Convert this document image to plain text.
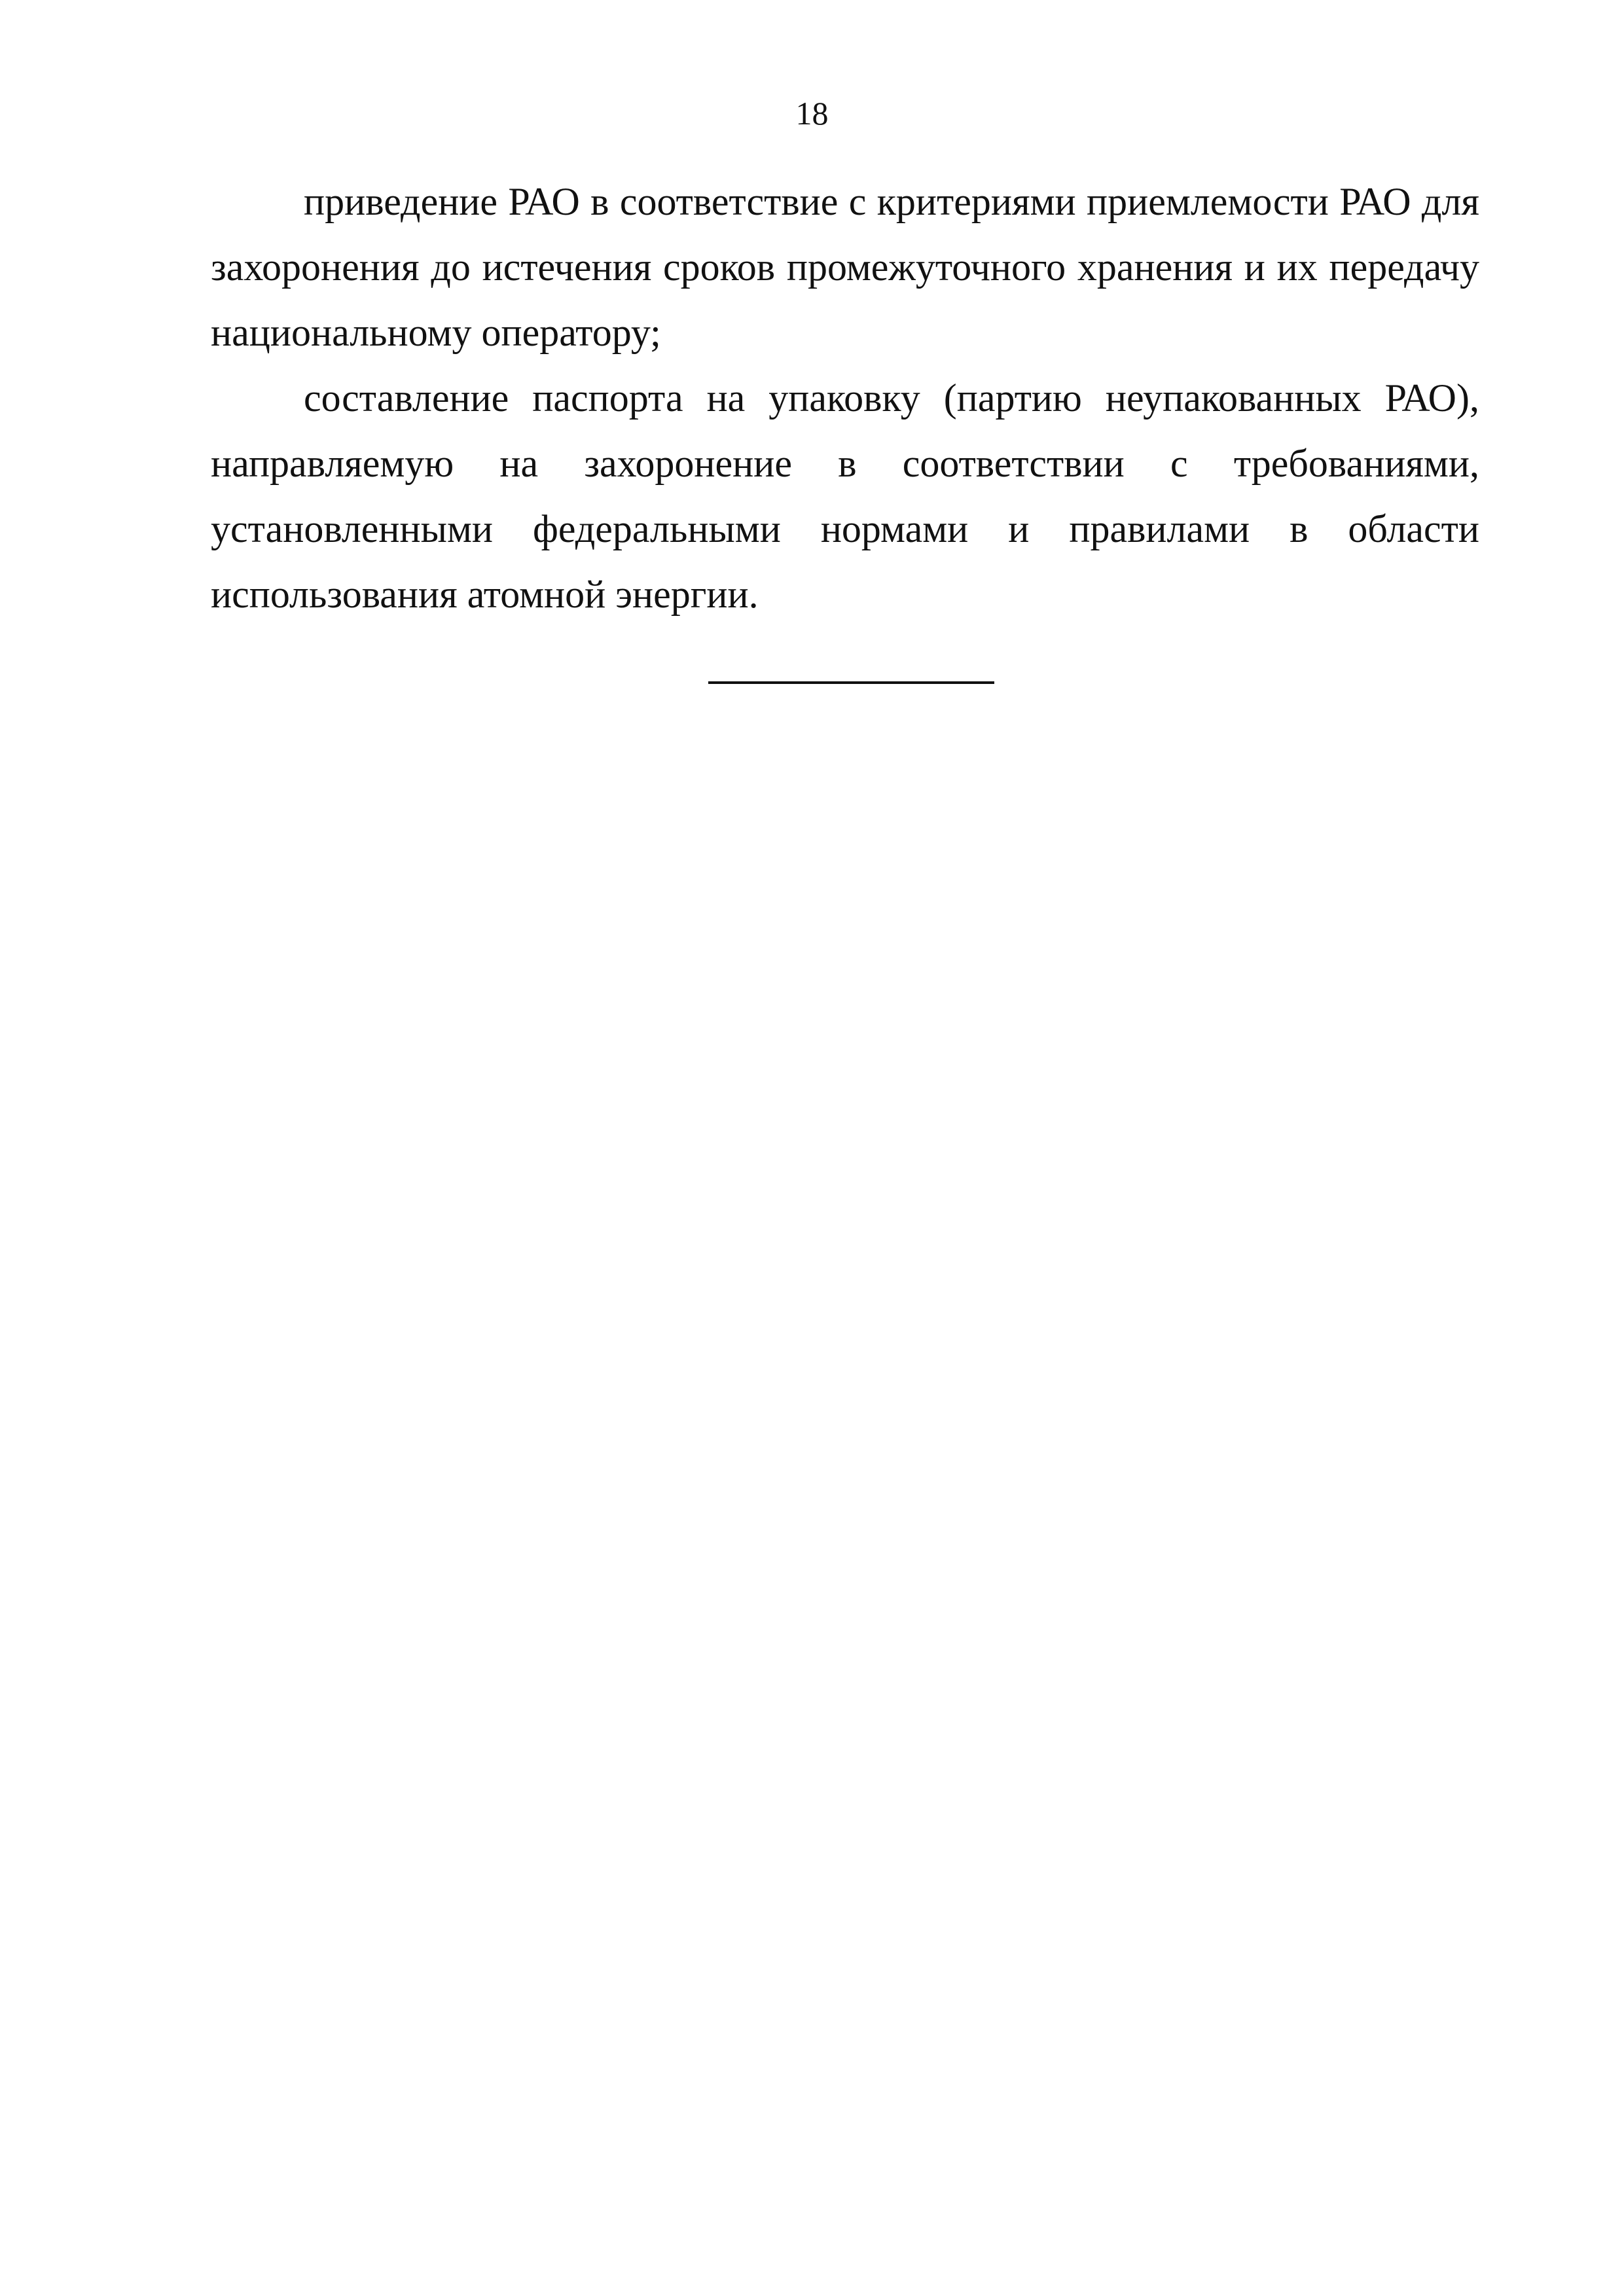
18

приведение РАО в соответствие с критериями приемлемости РАО для захоронения до истечения сроков промежуточного хранения и их передачу национальному оператору;

составление паспорта на упаковку (партию неупакованных РАО), направляемую на захоронение в соответствии с требованиями, установленными федеральными нормами и правилами в области использования атомной энергии.
